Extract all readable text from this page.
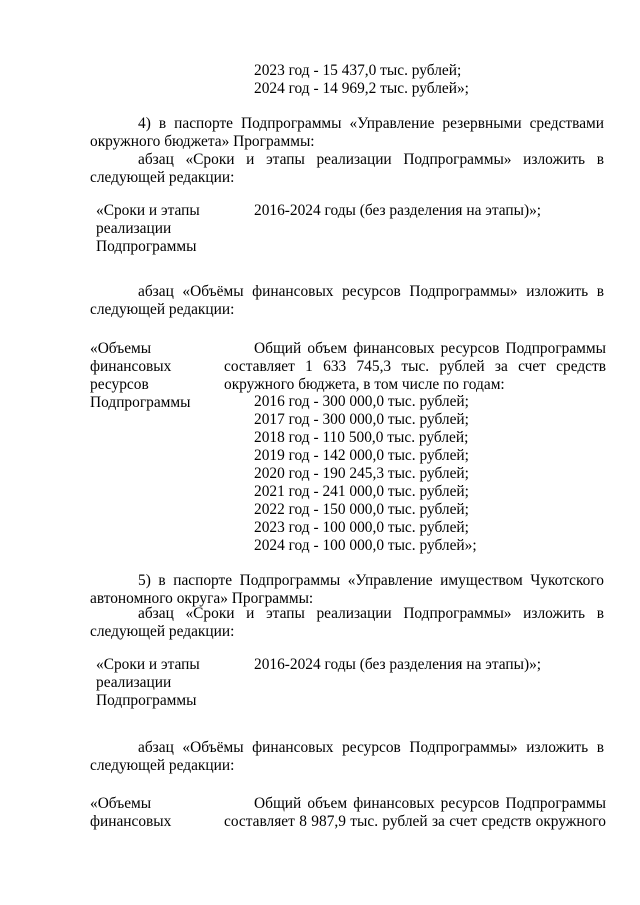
2023 год - 15 437,0 тыс. рублей;
2024 год - 14 969,2 тыс. рублей»;
4) в паспорте Подпрограммы «Управление резервными средствами
окружного бюджета» Программы:
абзац «Сроки и этапы реализации Подпрограммы» изложить в
следующей редакции:
«Сроки и этапы
реализации
Подпрограммы
2016-2024 годы (без разделения на этапы)»;
абзац «Объёмы финансовых ресурсов Подпрограммы» изложить в
следующей редакции:
«Объемы
финансовых
ресурсов
Подпрограммы
Общий объем финансовых ресурсов Подпрограммы
составляет 1 633 745,3 тыс. рублей за счет средств
окружного бюджета, в том числе по годам:
2016 год - 300 000,0 тыс. рублей;
2017 год - 300 000,0 тыс. рублей;
2018 год - 110 500,0 тыс. рублей;
2019 год - 142 000,0 тыс. рублей;
2020 год - 190 245,3 тыс. рублей;
2021 год - 241 000,0 тыс. рублей;
2022 год - 150 000,0 тыс. рублей;
2023 год - 100 000,0 тыс. рублей;
2024 год - 100 000,0 тыс. рублей»;
5) в паспорте Подпрограммы «Управление имуществом Чукотского
автономного округа» Программы:
абзац «Сроки и этапы реализации Подпрограммы» изложить в
следующей редакции:
«Сроки и этапы
реализации
Подпрограммы
2016-2024 годы (без разделения на этапы)»;
абзац «Объёмы финансовых ресурсов Подпрограммы» изложить в
следующей редакции:
«Объемы
финансовых
Общий объем финансовых ресурсов Подпрограммы
составляет 8 987,9 тыс. рублей за счет средств окружного
